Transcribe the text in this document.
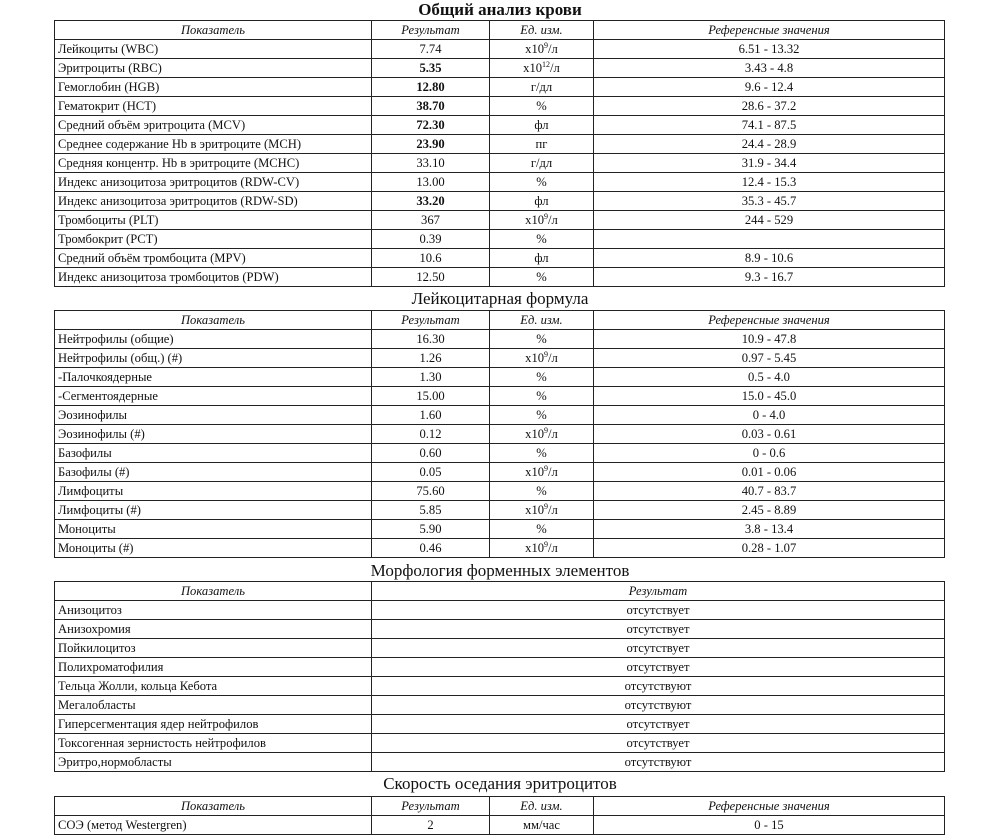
Общий анализ крови
Показатель	Результат	Ед. изм.	Референсные значения
Лейкоциты (WBC)	7.74	$x10^9/л$	6.51 - 13.32
Эритроциты (RBC)	5.35	$x10^{12}/л$	3.43 - 4.8
Гемоглобин (HGB)	12.80	г/дл	9.6 - 12.4
Гематокрит (HCT)	38.70	%	28.6 - 37.2
Средний объём эритроцита (MCV)	72.30	фл	74.1 - 87.5
Среднее содержание Hb в эритроците (MCH)	23.90	пг	24.4 - 28.9
Средняя концентр. Hb в эритроците (MCHC)	33.10	г/дл	31.9 - 34.4
Индекс анизоцитоза эритроцитов (RDW-CV)	13.00	%	12.4 - 15.3
Индекс анизоцитоза эритроцитов (RDW-SD)	33.20	фл	35.3 - 45.7
Тромбоциты (PLT)	367	$x10^9/л$	244 - 529
Тромбокрит (PCT)	0.39	%	
Средний объём тромбоцита (MPV)	10.6	фл	8.9 - 10.6
Индекс анизоцитоза тромбоцитов (PDW)	12.50	%	9.3 - 16.7
Лейкоцитарная формула
Показатель	Результат	Ед. изм.	Референсные значения
Нейтрофилы (общие)	16.30	%	10.9 - 47.8
Нейтрофилы (общ.) (#)	1.26	$x10^9/л$	0.97 - 5.45
-Палочкоядерные	1.30	%	0.5 - 4.0
-Сегментоядерные	15.00	%	15.0 - 45.0
Эозинофилы	1.60	%	0 - 4.0
Эозинофилы (#)	0.12	$x10^9/л$	0.03 - 0.61
Базофилы	0.60	%	0 - 0.6
Базофилы (#)	0.05	$x10^9/л$	0.01 - 0.06
Лимфоциты	75.60	%	40.7 - 83.7
Лимфоциты (#)	5.85	$x10^9/л$	2.45 - 8.89
Моноциты	5.90	%	3.8 - 13.4
Моноциты (#)	0.46	$x10^9/л$	0.28 - 1.07
Морфология форменных элементов
Показатель	Результат
Анизоцитоз	отсутствует
Анизохромия	отсутствует
Пойкилоцитоз	отсутствует
Полихроматофилия	отсутствует
Тельца Жолли, кольца Кебота	отсутствуют
Мегалобласты	отсутствуют
Гиперсегментация ядер нейтрофилов	отсутствует
Токсогенная зернистость нейтрофилов	отсутствует
Эритро,нормобласты	отсутствуют
Скорость оседания эритроцитов
Показатель	Результат	Ед. изм.	Референсные значения
СОЭ (метод Westergren)	2	мм/час	0 - 15
